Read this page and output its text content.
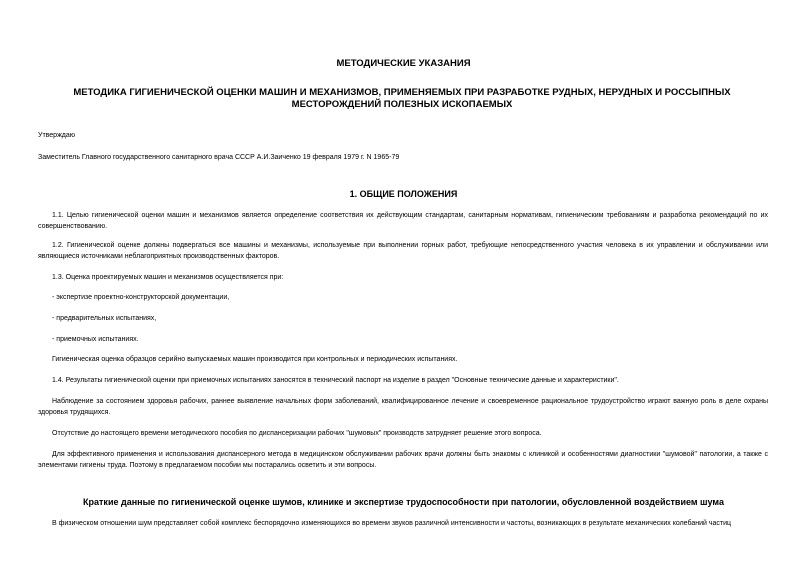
МЕТОДИЧЕСКИЕ УКАЗАНИЯ
МЕТОДИКА ГИГИЕНИЧЕСКОЙ ОЦЕНКИ МАШИН И МЕХАНИЗМОВ, ПРИМЕНЯЕМЫХ ПРИ РАЗРАБОТКЕ РУДНЫХ, НЕРУДНЫХ И РОССЫПНЫХ МЕСТОРОЖДЕНИЙ ПОЛЕЗНЫХ ИСКОПАЕМЫХ
Утверждаю
Заместитель Главного государственного санитарного врача СССР А.И.Заиченко 19 февраля 1979 г. N 1965-79
1. ОБЩИЕ ПОЛОЖЕНИЯ
1.1. Целью гигиенической оценки машин и механизмов является определение соответствия их действующим стандартам, санитарным нормативам, гигиеническим требованиям и разработка рекомендаций по их совершенствованию.
1.2. Гигиенической оценке должны подвергаться все машины и механизмы, используемые при выполнении горных работ, требующие непосредственного участия человека в их управлении и обслуживании или являющиеся источниками неблагоприятных производственных факторов.
1.3. Оценка проектируемых машин и механизмов осуществляется при:
- экспертизе проектно-конструкторской документации,
- предварительных испытаниях,
- приемочных испытаниях.
Гигиеническая оценка образцов серийно выпускаемых машин производится при контрольных и периодических испытаниях.
1.4. Результаты гигиенической оценки при приемочных испытаниях заносятся в технический паспорт на изделие в раздел "Основные технические данные и характеристики".
Наблюдение за состоянием здоровья рабочих, раннее выявление начальных форм заболеваний, квалифицированное лечение и своевременное рациональное трудоустройство играют важную роль в деле охраны здоровья трудящихся.
Отсутствие до настоящего времени методического пособия по диспансеризации рабочих "шумовых" производств затрудняет решение этого вопроса.
Для эффективного применения и использования диспансерного метода в медицинском обслуживании рабочих врачи должны быть знакомы с клиникой и особенностями диагностики "шумовой" патологии, а также с элементами гигиены труда. Поэтому в предлагаемом пособии мы постарались осветить и эти вопросы.
Краткие данные по гигиенической оценке шумов, клинике и экспертизе трудоспособности при патологии, обусловленной воздействием шума
В физическом отношении шум представляет собой комплекс беспорядочно изменяющихся во времени звуков различной интенсивности и частоты, возникающих в результате механических колебаний частиц
